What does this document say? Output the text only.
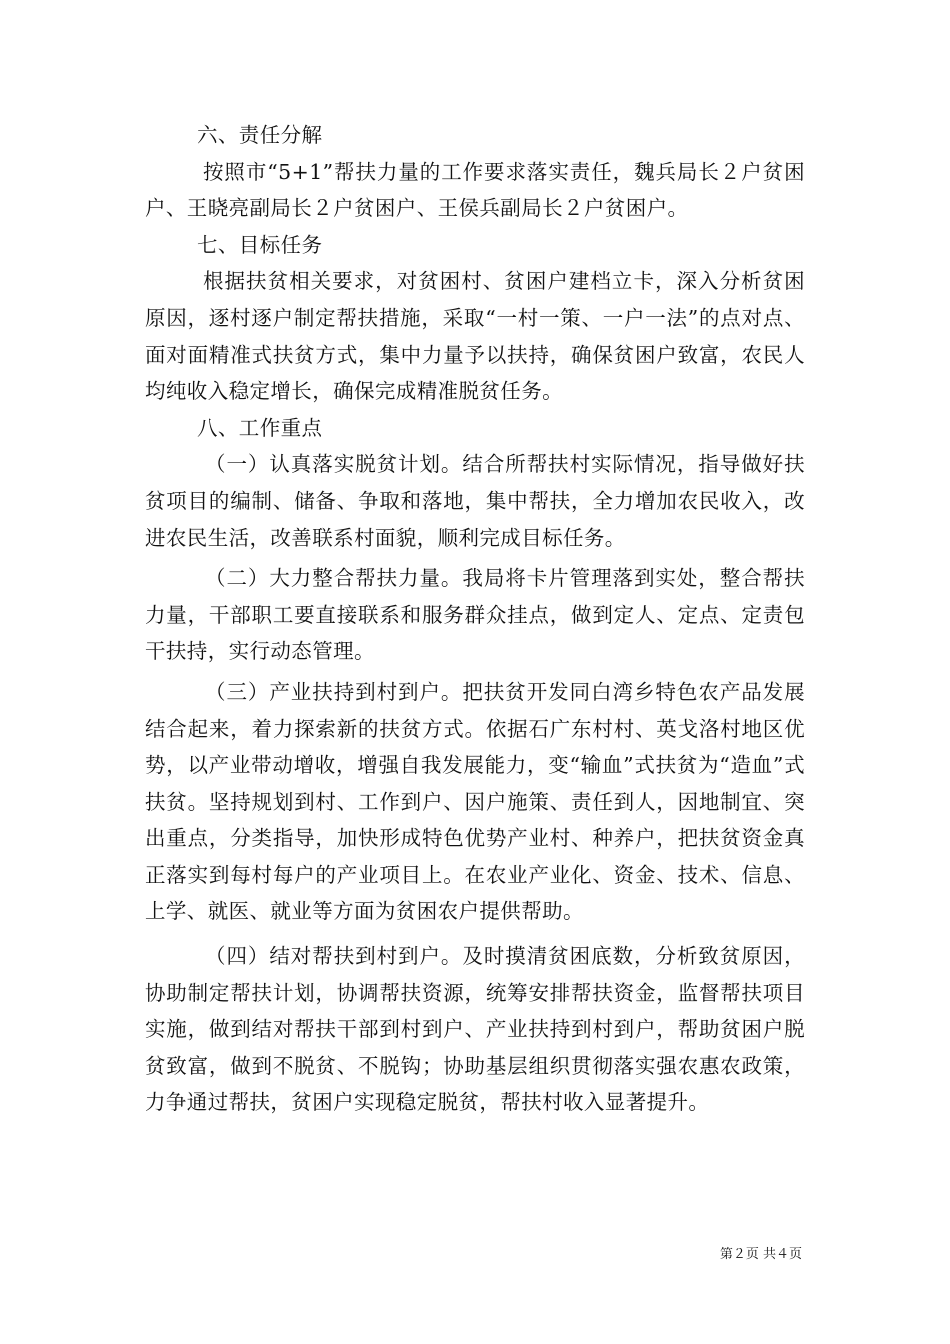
六、责任分解

按照市“5+1”帮扶力量的工作要求落实责任，魏兵局长２户贫困户、王晓亮副局长２户贫困户、王侯兵副局长２户贫困户。

七、目标任务

根据扶贫相关要求，对贫困村、贫困户建档立卡，深入分析贫困原因，逐村逐户制定帮扶措施，采取“一村一策、一户一法”的点对点、面对面精准式扶贫方式，集中力量予以扶持，确保贫困户致富，农民人均纯收入稳定增长，确保完成精准脱贫任务。

八、工作重点

（一）认真落实脱贫计划。结合所帮扶村实际情况，指导做好扶贫项目的编制、储备、争取和落地，集中帮扶，全力增加农民收入，改进农民生活，改善联系村面貌，顺利完成目标任务。

（二）大力整合帮扶力量。我局将卡片管理落到实处，整合帮扶力量，干部职工要直接联系和服务群众挂点，做到定人、定点、定责包干扶持，实行动态管理。

（三）产业扶持到村到户。把扶贫开发同白湾乡特色农产品发展结合起来，着力探索新的扶贫方式。依据石广东村村、英戈洛村地区优势，以产业带动增收，增强自我发展能力，变“输血”式扶贫为“造血”式扶贫。坚持规划到村、工作到户、因户施策、责任到人，因地制宜、突出重点，分类指导，加快形成特色优势产业村、种养户，把扶贫资金真正落实到每村每户的产业项目上。在农业产业化、资金、技术、信息、上学、就医、就业等方面为贫困农户提供帮助。

（四）结对帮扶到村到户。及时摸清贫困底数，分析致贫原因，协助制定帮扶计划，协调帮扶资源，统筹安排帮扶资金，监督帮扶项目实施，做到结对帮扶干部到村到户、产业扶持到村到户，帮助贫困户脱贫致富，做到不脱贫、不脱钩；协助基层组织贯彻落实强农惠农政策，力争通过帮扶，贫困户实现稳定脱贫，帮扶村收入显著提升。

第２页 共４页
